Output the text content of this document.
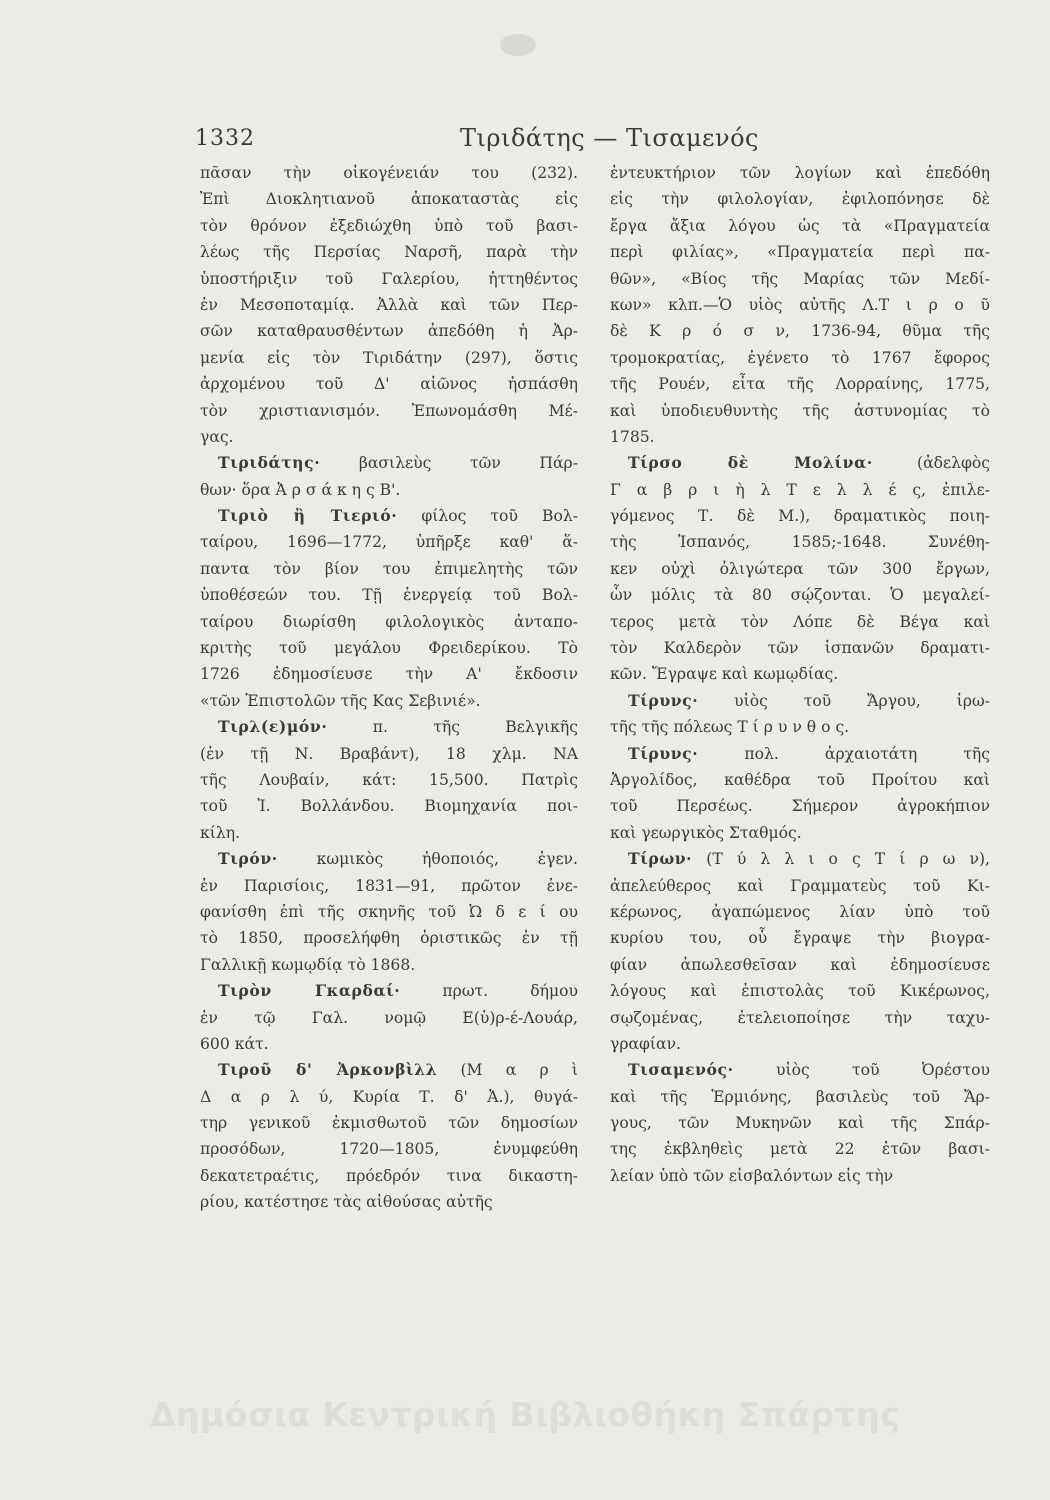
1332	Τιριδάτης — Τισαμενός
πᾶσαν τὴν οἰκογένειάν του (232).
Ἐπὶ Διοκλητιανοῦ ἀποκαταστὰς εἰς
τὸν θρόνον ἐξεδιώχθη ὑπὸ τοῦ βασι-
λέως τῆς Περσίας Ναρσῆ, παρὰ τὴν
ὑποστήριξιν τοῦ Γαλερίου, ἡττηθέντος
ἐν Μεσοποταμίᾳ. Ἀλλὰ καὶ τῶν Περ-
σῶν καταθραυσθέντων ἀπεδόθη ἡ Ἀρ-
μενία εἰς τὸν Τιριδάτην (297), ὅστις
ἀρχομένου τοῦ Δ' αἰῶνος ἠσπάσθη
τὸν χριστιανισμόν. Ἐπωνομάσθη Μέ-
γας.
Τιριδάτης· βασιλεὺς τῶν Πάρ-
θων· ὅρα Ἀ ρ σ ά κ η ς Β'.
Τιριὸ ἢ Τιεριό· φίλος τοῦ Βολ-
ταίρου, 1696—1772, ὑπῆρξε καθ' ἅ-
παντα τὸν βίον του ἐπιμελητὴς τῶν
ὑποθέσεών του. Τῇ ἐνεργείᾳ τοῦ Βολ-
ταίρου διωρίσθη φιλολογικὸς ἀνταπο-
κριτὴς τοῦ μεγάλου Φρειδερίκου. Τὸ
1726 ἐδημοσίευσε τὴν Α' ἔκδοσιν
«τῶν Ἐπιστολῶν τῆς Κας Σεβινιέ».
Τιρλ(ε)μόν· π. τῆς Βελγικῆς
(ἐν τῇ Ν. Βραβάντ), 18 χλμ. ΝΑ
τῆς Λουβαίν, κάτ: 15,500. Πατρὶς
τοῦ Ἰ. Βολλάνδου. Βιομηχανία ποι-
κίλη.
Τιρόν· κωμικὸς ἠθοποιός, ἐγεν.
ἐν Παρισίοις, 1831—91, πρῶτον ἐνε-
φανίσθη ἐπὶ τῆς σκηνῆς τοῦ Ὠ δ ε ί ου
τὸ 1850, προσελήφθη ὁριστικῶς ἐν τῇ
Γαλλικῇ κωμῳδίᾳ τὸ 1868.
Τιρὸν Γκαρδαί· πρωτ. δήμου
ἐν τῷ Γαλ. νομῷ Ε(ὑ)ρ-έ-Λουάρ,
600 κάτ.
Τιροῦ δ' Ἀρκονβὶλλ (Μ α ρ ὶ
Δ α ρ λ ύ, Κυρία Τ. δ' Ἀ.), θυγά-
τηρ γενικοῦ ἐκμισθωτοῦ τῶν δημοσίων
προσόδων, 1720—1805, ἐνυμφεύθη
δεκατετραέτις, πρόεδρόν τινα δικαστη-
ρίου, κατέστησε τὰς αἰθούσας αὐτῆς
ἐντευκτήριον τῶν λογίων καὶ ἐπεδόθη
εἰς τὴν φιλολογίαν, ἐφιλοπόνησε δὲ
ἔργα ἄξια λόγου ὡς τὰ «Πραγματεία
περὶ φιλίας», «Πραγματεία περὶ πα-
θῶν», «Βίος τῆς Μαρίας τῶν Μεδί-
κων» κλπ.—Ὁ υἱὸς αὐτῆς Λ.Τ ι ρ ο ῦ
δὲ Κ ρ ό σ ν, 1736-94, θῦμα τῆς
τρομοκρατίας, ἐγένετο τὸ 1767 ἔφορος
τῆς Ρουέν, εἶτα τῆς Λορραίνης, 1775,
καὶ ὑποδιευθυντὴς τῆς ἀστυνομίας τὸ
1785.
Τίρσο δὲ Μολίνα· (ἀδελφὸς
Γ α β ρ ι ὴ λ Τ ε λ λ έ ς, ἐπιλε-
γόμενος Τ. δὲ Μ.), δραματικὸς ποιη-
τὴς Ἱσπανός, 1585;-1648. Συνέθη-
κεν οὐχὶ ὀλιγώτερα τῶν 300 ἔργων,
ὧν μόλις τὰ 80 σῴζονται. Ὁ μεγαλεί-
τερος μετὰ τὸν Λόπε δὲ Βέγα καὶ
τὸν Καλδερὸν τῶν ἱσπανῶν δραματι-
κῶν. Ἔγραψε καὶ κωμῳδίας.
Τίρυνς· υἱὸς τοῦ Ἄργου, ἱρω-
τῆς τῆς πόλεως Τ ί ρ υ ν θ ο ς.
Τίρυνς· πολ. ἀρχαιοτάτη τῆς
Ἀργολίδος, καθέδρα τοῦ Προίτου καὶ
τοῦ Περσέως. Σήμερον ἀγροκήπιον
καὶ γεωργικὸς Σταθμός.
Τίρων· (Τ ύ λ λ ι ο ς Τ ί ρ ω ν),
ἀπελεύθερος καὶ Γραμματεὺς τοῦ Κι-
κέρωνος, ἀγαπώμενος λίαν ὑπὸ τοῦ
κυρίου του, οὗ ἔγραψε τὴν βιογρα-
φίαν ἀπωλεσθεῖσαν καὶ ἐδημοσίευσε
λόγους καὶ ἐπιστολὰς τοῦ Κικέρωνος,
σῳζομένας, ἐτελειοποίησε τὴν ταχυ-
γραφίαν.
Τισαμενός· υἱὸς τοῦ Ὀρέστου
καὶ τῆς Ἑρμιόνης, βασιλεὺς τοῦ Ἄρ-
γους, τῶν Μυκηνῶν καὶ τῆς Σπάρ-
της ἐκβληθεὶς μετὰ 22 ἐτῶν βασι-
λείαν ὑπὸ τῶν εἰσβαλόντων εἰς τὴν
Δημόσια Κεντρική Βιβλιοθήκη Σπάρτης
